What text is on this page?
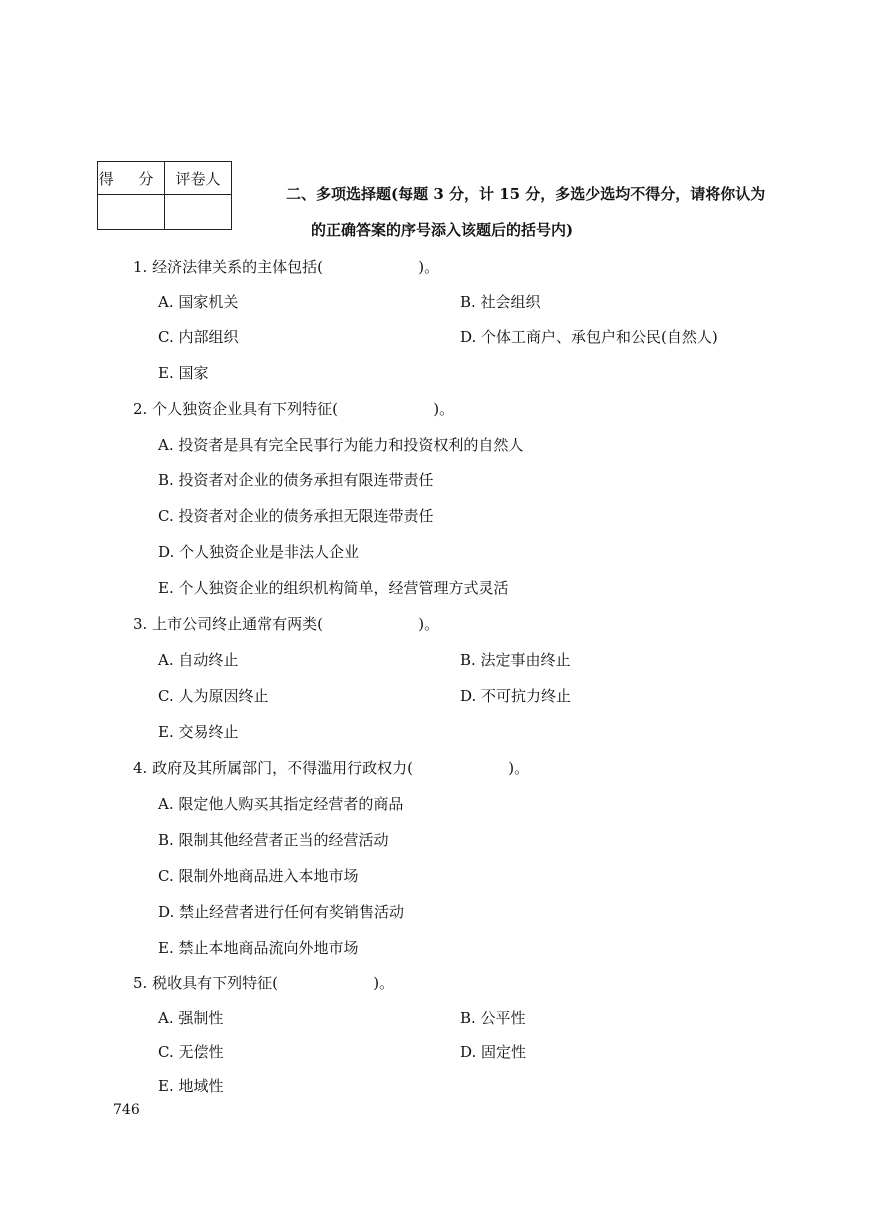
得 分	评卷人

二、多项选择题(每题 3 分，计 15 分，多选少选均不得分，请将你认为
的正确答案的序号添入该题后的括号内)
1. 经济法律关系的主体包括(                    )。
A. 国家机关	B. 社会组织
C. 内部组织	D. 个体工商户、承包户和公民(自然人)
E. 国家
2. 个人独资企业具有下列特征(                    )。
A. 投资者是具有完全民事行为能力和投资权利的自然人
B. 投资者对企业的债务承担有限连带责任
C. 投资者对企业的债务承担无限连带责任
D. 个人独资企业是非法人企业
E. 个人独资企业的组织机构简单，经营管理方式灵活
3. 上市公司终止通常有两类(                    )。
A. 自动终止	B. 法定事由终止
C. 人为原因终止	D. 不可抗力终止
E. 交易终止
4. 政府及其所属部门，不得滥用行政权力(                    )。
A. 限定他人购买其指定经营者的商品
B. 限制其他经营者正当的经营活动
C. 限制外地商品进入本地市场
D. 禁止经营者进行任何有奖销售活动
E. 禁止本地商品流向外地市场
5. 税收具有下列特征(                    )。
A. 强制性	B. 公平性
C. 无偿性	D. 固定性
E. 地域性
746
